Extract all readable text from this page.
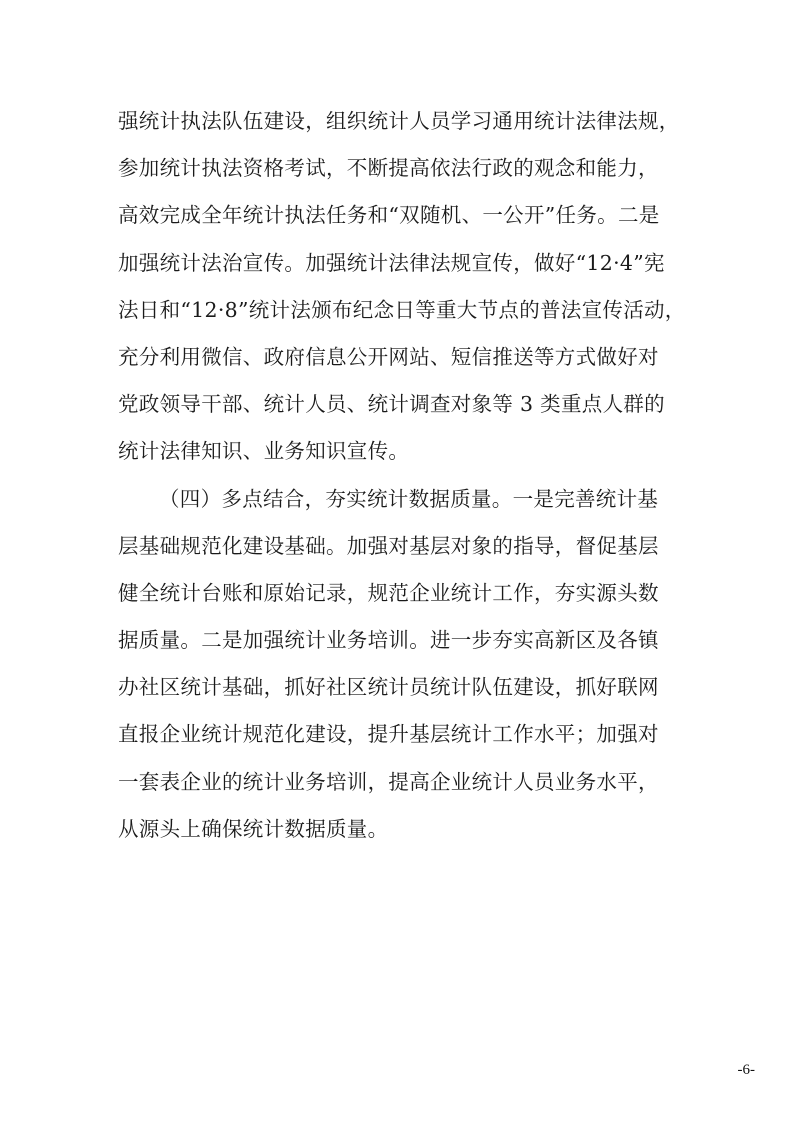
强统计执法队伍建设，组织统计人员学习通用统计法律法规，
参加统计执法资格考试，不断提高依法行政的观念和能力，
高效完成全年统计执法任务和“双随机、一公开”任务。二是
加强统计法治宣传。加强统计法律法规宣传，做好“12·4”宪
法日和“12·8”统计法颁布纪念日等重大节点的普法宣传活动，
充分利用微信、政府信息公开网站、短信推送等方式做好对
党政领导干部、统计人员、统计调查对象等 3 类重点人群的
统计法律知识、业务知识宣传。
（四）多点结合，夯实统计数据质量。一是完善统计基
层基础规范化建设基础。加强对基层对象的指导，督促基层
健全统计台账和原始记录，规范企业统计工作，夯实源头数
据质量。二是加强统计业务培训。进一步夯实高新区及各镇
办社区统计基础，抓好社区统计员统计队伍建设，抓好联网
直报企业统计规范化建设，提升基层统计工作水平；加强对
一套表企业的统计业务培训，提高企业统计人员业务水平，
从源头上确保统计数据质量。
-6-
